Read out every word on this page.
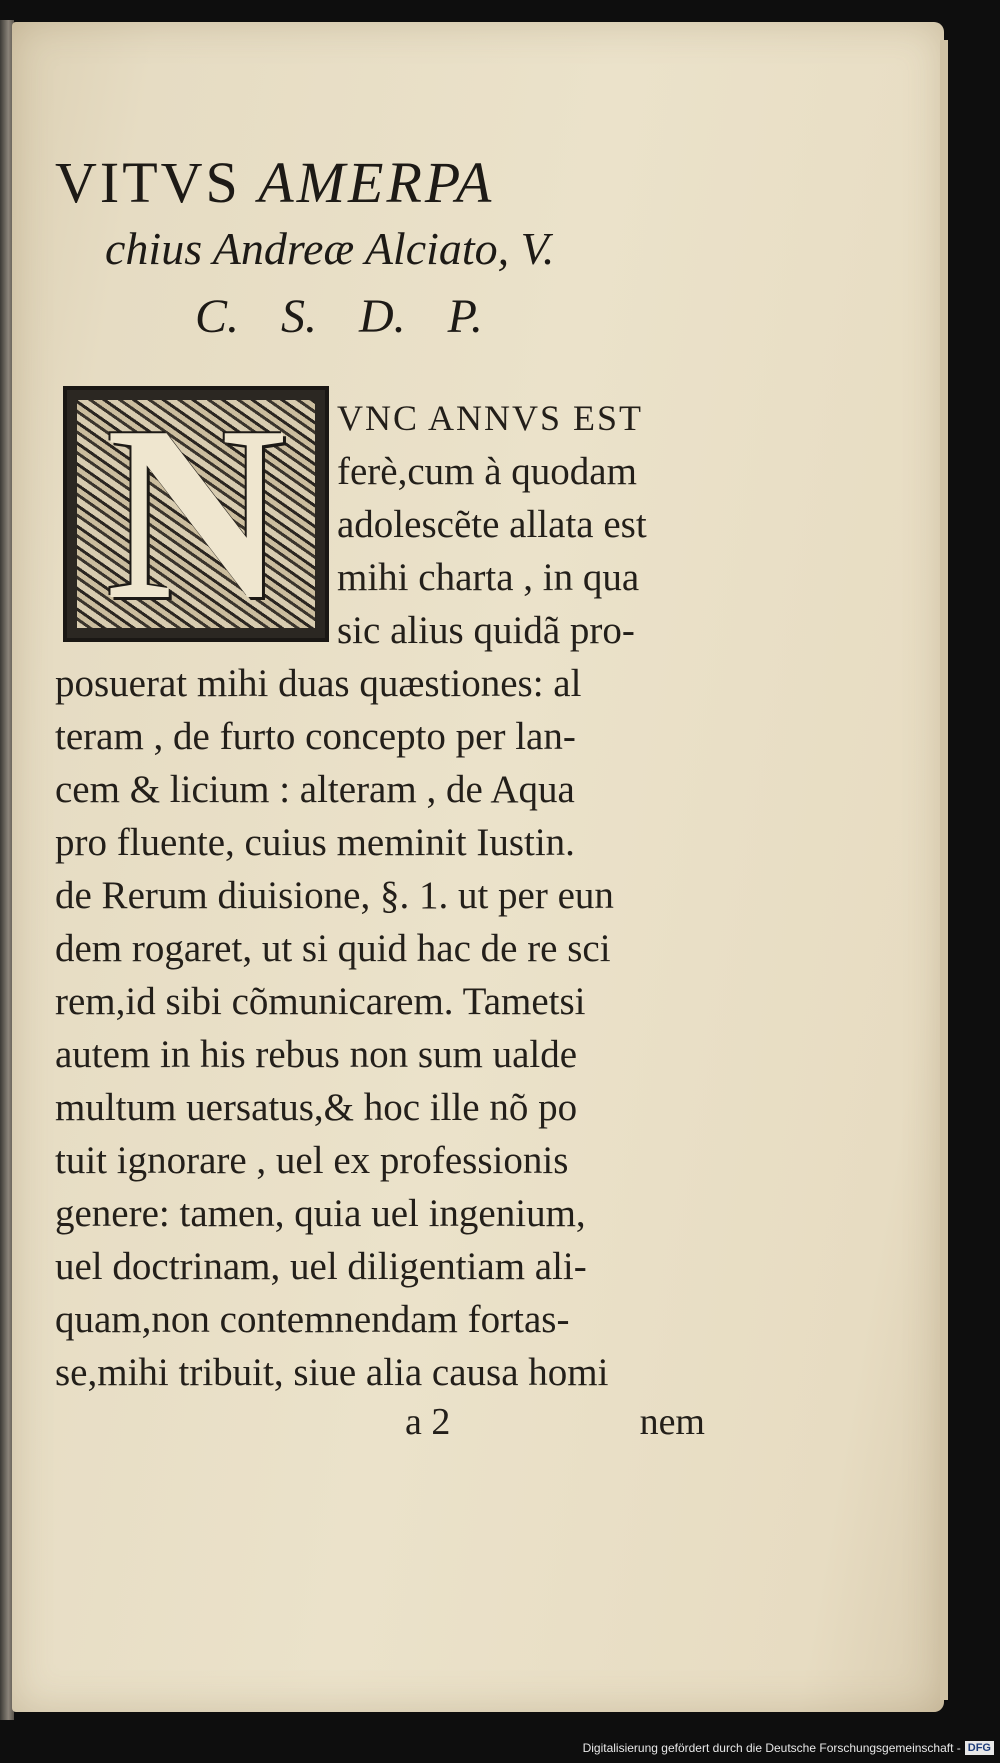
VITVS AMERPA
chius Andreæ Alciato, V.
C. S. D. P.
N	VNC ANNVS EST
ferè,cum à quodam
adolescẽte allata est
mihi charta , in qua
sic alius quidã pro-
posuerat mihi duas quæstiones: al
teram , de furto concepto per lan-
cem & licium : alteram , de Aqua
pro fluente, cuius meminit Iustin.
de Rerum diuisione, §. 1. ut per eun
dem rogaret, ut si quid hac de re sci
rem,id sibi cõmunicarem. Tametsi
autem in his rebus non sum ualde
multum uersatus,& hoc ille nõ po
tuit ignorare , uel ex professionis
genere: tamen, quia uel ingenium,
uel doctrinam, uel diligentiam ali-
quam,non contemnendam fortas-
se,mihi tribuit, siue alia causa homi
a 2	nem
Digitalisierung gefördert durch die Deutsche Forschungsgemeinschaft - DFG
